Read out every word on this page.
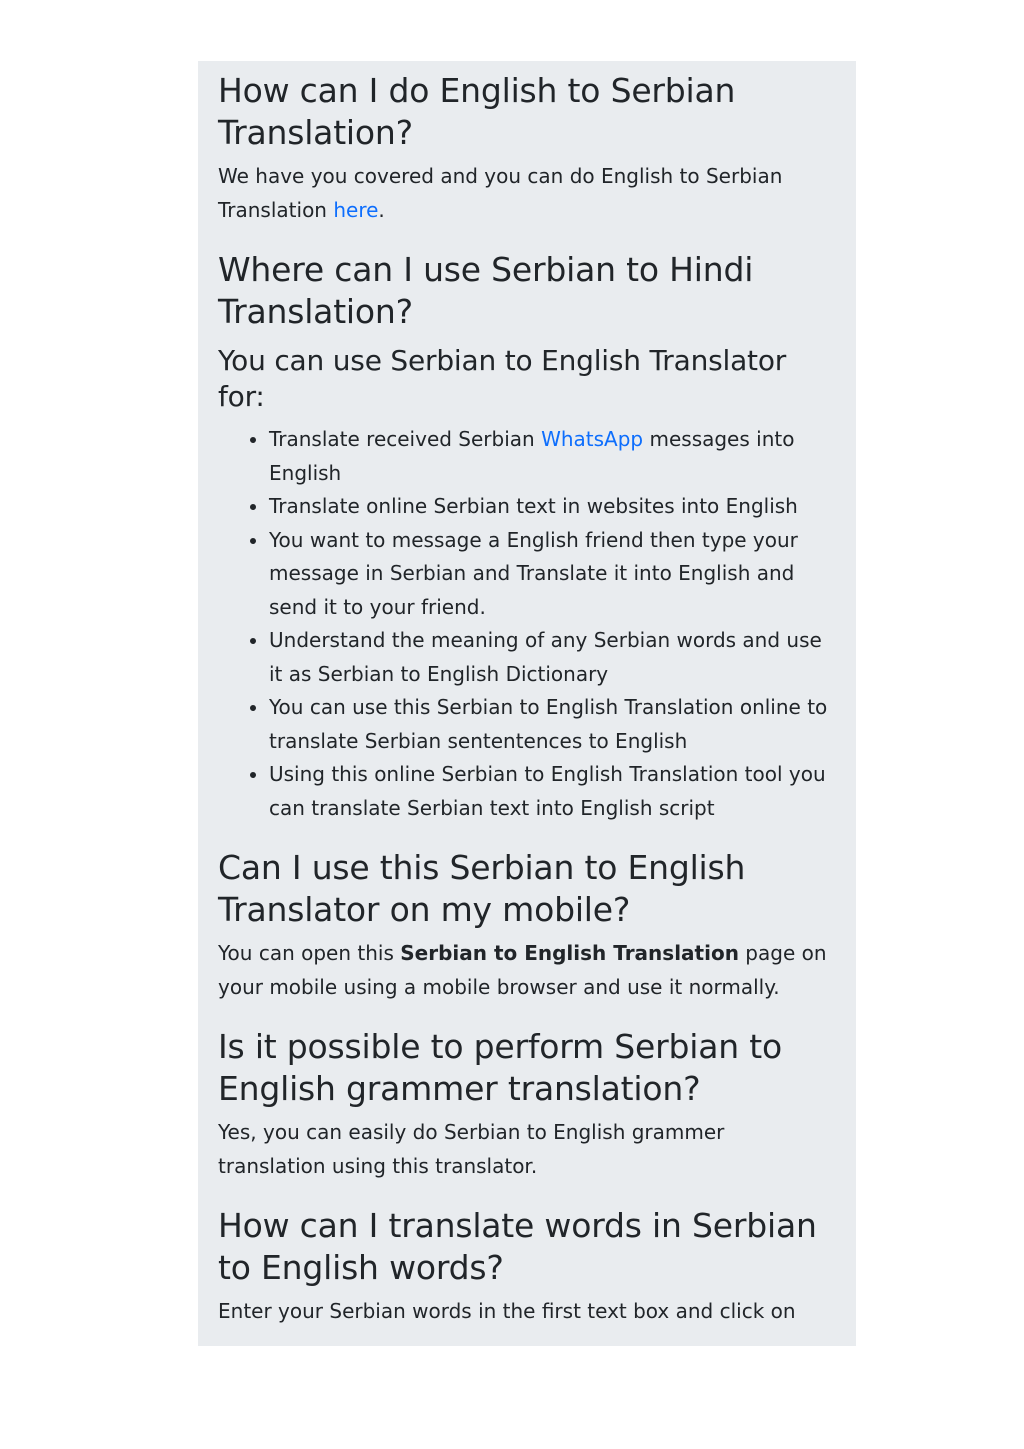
How can I do English to Serbian Translation?

We have you covered and you can do English to Serbian Translation here.

Where can I use Serbian to Hindi Translation?
You can use Serbian to English Translator for:
• Translate received Serbian WhatsApp messages into English
• Translate online Serbian text in websites into English
• You want to message a English friend then type your message in Serbian and Translate it into English and send it to your friend.
• Understand the meaning of any Serbian words and use it as Serbian to English Dictionary
• You can use this Serbian to English Translation online to translate Serbian sententences to English
• Using this online Serbian to English Translation tool you can translate Serbian text into English script
Can I use this Serbian to English Translator on my mobile?

You can open this Serbian to English Translation page on your mobile using a mobile browser and use it normally.

Is it possible to perform Serbian to English grammer translation?

Yes, you can easily do Serbian to English grammer translation using this translator.

How can I translate words in Serbian to English words?

Enter your Serbian words in the first text box and click on
